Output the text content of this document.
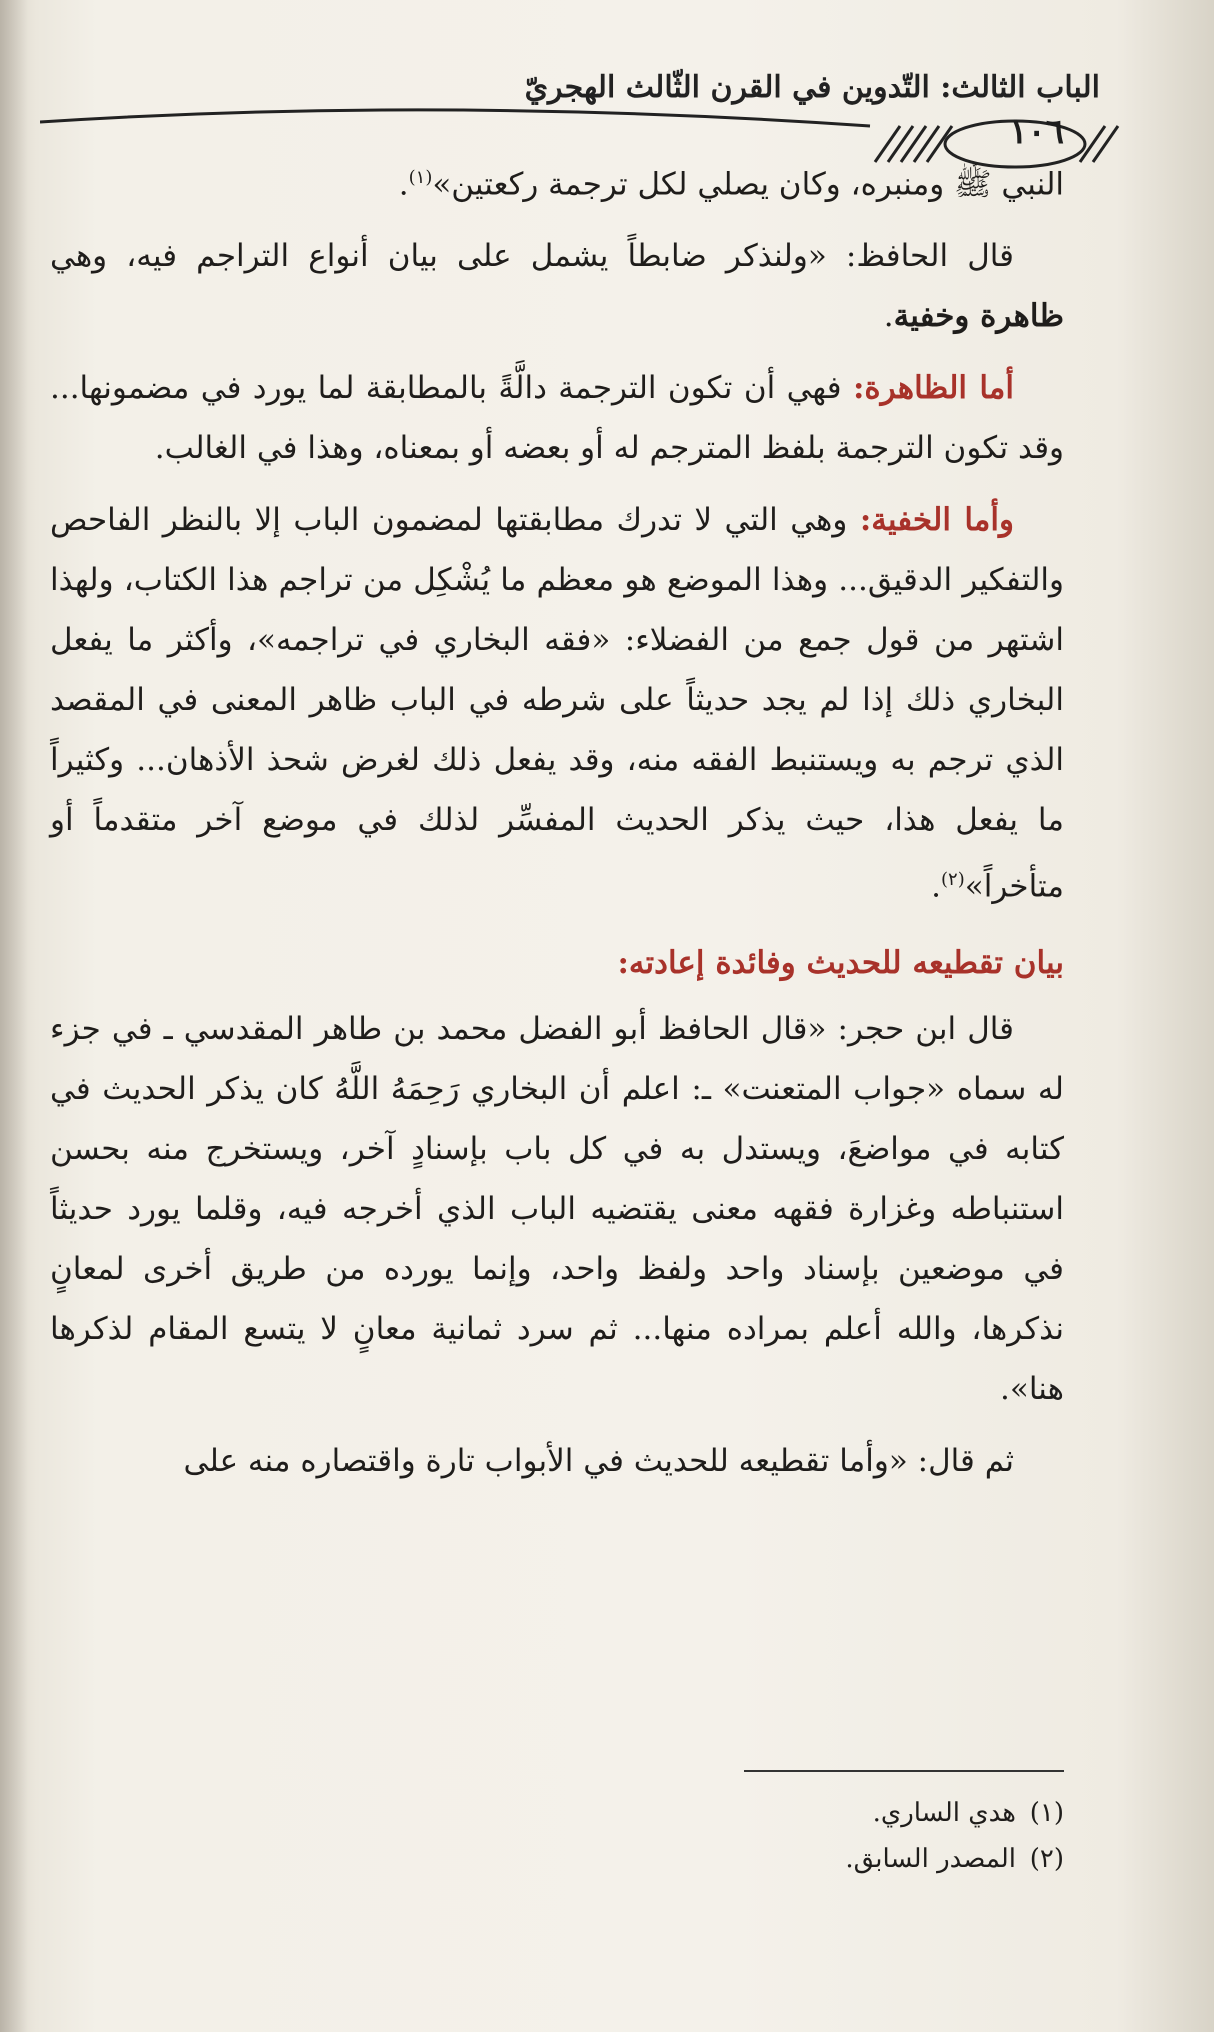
الباب الثالث: التّدوين في القرن الثّالث الهجريّ
١٠٦

النبي ﷺ ومنبره، وكان يصلي لكل ترجمة ركعتين»$^{(١)}$.

قال الحافظ: «ولنذكر ضابطاً يشمل على بيان أنواع التراجم فيه، وهي ظاهرة وخفية.

أما الظاهرة: فهي أن تكون الترجمة دالَّةً بالمطابقة لما يورد في مضمونها... وقد تكون الترجمة بلفظ المترجم له أو بعضه أو بمعناه، وهذا في الغالب.

وأما الخفية: وهي التي لا تدرك مطابقتها لمضمون الباب إلا بالنظر الفاحص والتفكير الدقيق... وهذا الموضع هو معظم ما يُشْكِل من تراجم هذا الكتاب، ولهذا اشتهر من قول جمع من الفضلاء: «فقه البخاري في تراجمه»، وأكثر ما يفعل البخاري ذلك إذا لم يجد حديثاً على شرطه في الباب ظاهر المعنى في المقصد الذي ترجم به ويستنبط الفقه منه، وقد يفعل ذلك لغرض شحذ الأذهان... وكثيراً ما يفعل هذا، حيث يذكر الحديث المفسِّر لذلك في موضع آخر متقدماً أو متأخراً»$^{(٢)}$.

بيان تقطيعه للحديث وفائدة إعادته:

قال ابن حجر: «قال الحافظ أبو الفضل محمد بن طاهر المقدسي ـ في جزء له سماه «جواب المتعنت» ـ: اعلم أن البخاري رَحِمَهُ اللَّهُ كان يذكر الحديث في كتابه في مواضعَ، ويستدل به في كل باب بإسنادٍ آخر، ويستخرج منه بحسن استنباطه وغزارة فقهه معنى يقتضيه الباب الذي أخرجه فيه، وقلما يورد حديثاً في موضعين بإسناد واحد ولفظ واحد، وإنما يورده من طريق أخرى لمعانٍ نذكرها، والله أعلم بمراده منها... ثم سرد ثمانية معانٍ لا يتسع المقام لذكرها هنا».

ثم قال: «وأما تقطيعه للحديث في الأبواب تارة واقتصاره منه على

(١)هدي الساري.
(٢)المصدر السابق.
